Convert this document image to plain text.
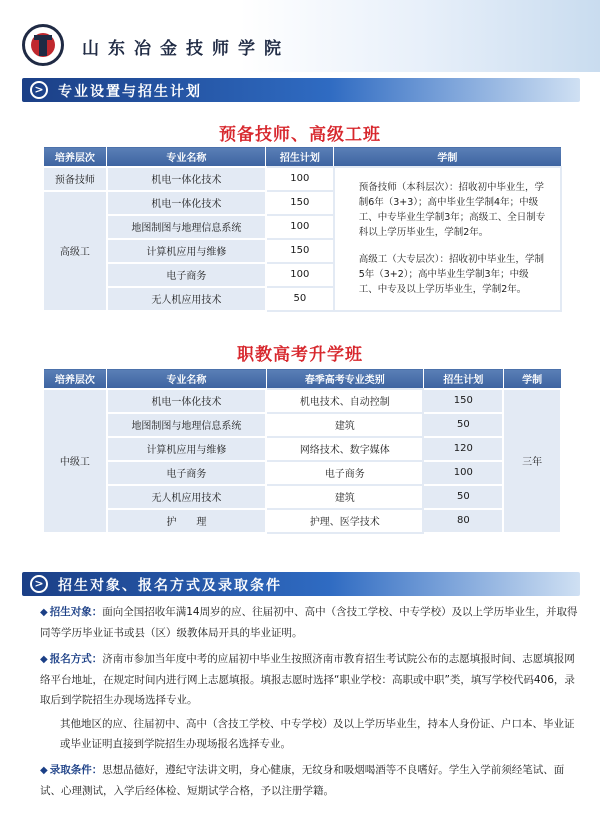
山东冶金技师学院
>	专业设置与招生计划
预备技师、高级工班
培养层次	专业名称	招生计划	学制
预备技师	机电一体化技术	100	预备技师（本科层次）：招收初中毕业生，学制6年（3+3）；高中毕业生学制4年；中级工、中专毕业生学制3年；高级工、全日制专科以上学历毕业生，学制2年。
高级工（大专层次）：招收初中毕业生，学制5年（3+2）；高中毕业生学制3年；中级工、中专及以上学历毕业生，学制2年。

高级工	机电一体化技术	150	
	地图制图与地理信息系统	100	
	计算机应用与维修	150	
	电子商务	100	
	无人机应用技术	50	
职教高考升学班
培养层次	专业名称	春季高考专业类别	招生计划	学制
中级工	机电一体化技术	机电技术、自动控制	150	三年
	地图制图与地理信息系统	建筑	50	
	计算机应用与维修	网络技术、数字媒体	120	
	电子商务	电子商务	100	
	无人机应用技术	建筑	50	
	护　　理	护理、医学技术	80	
>	招生对象、报名方式及录取条件
◆ 招生对象：面向全国招收年满14周岁的应、往届初中、高中（含技工学校、中专学校）及以上学历毕业生，并取得同等学历毕业证书或县（区）级教体局开具的毕业证明。
◆ 报名方式：济南市参加当年度中考的应届初中毕业生按照济南市教育招生考试院公布的志愿填报时间、志愿填报网络平台地址，在规定时间内进行网上志愿填报。填报志愿时选择“职业学校：高职或中职”类，填写学校代码406，录取后到学院招生办现场选择专业。
其他地区的应、往届初中、高中（含技工学校、中专学校）及以上学历毕业生，持本人身份证、户口本、毕业证或毕业证明直接到学院招生办现场报名选择专业。
◆ 录取条件：思想品德好，遵纪守法讲文明，身心健康，无纹身和吸烟喝酒等不良嗜好。学生入学前须经笔试、面试、心理测试，入学后经体检、短期试学合格，予以注册学籍。
